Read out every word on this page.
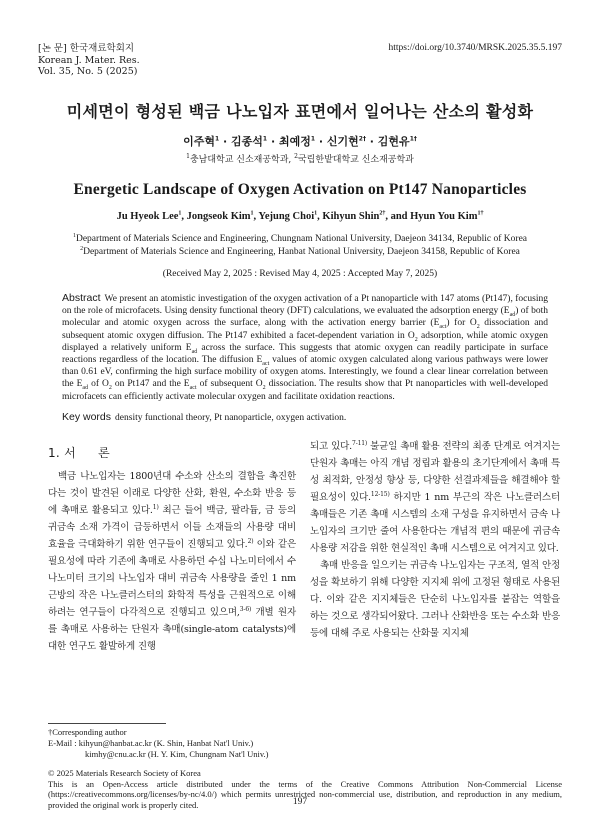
[논 문] 한국재료학회지
Korean J. Mater. Res.
Vol. 35, No. 5 (2025)
https://doi.org/10.3740/MRSK.2025.35.5.197
미세면이 형성된 백금 나노입자 표면에서 일어나는 산소의 활성화
이주혁$^1$ · 김종석$^1$ · 최예정$^1$ · 신기현$^{2\dagger}$ · 김현유$^{1\dagger}$
$^1$충남대학교 신소재공학과, $^2$국립한밭대학교 신소재공학과
Energetic Landscape of Oxygen Activation on Pt147 Nanoparticles
Ju Hyeok Lee$^1$, Jongseok Kim$^1$, Yejung Choi$^1$, Kihyun Shin$^{2\dagger}$, and Hyun You Kim$^{1\dagger}$
$^1$Department of Materials Science and Engineering, Chungnam National University, Daejeon 34134, Republic of Korea
$^2$Department of Materials Science and Engineering, Hanbat National University, Daejeon 34158, Republic of Korea
(Received May 2, 2025 : Revised May 4, 2025 : Accepted May 7, 2025)
Abstract We present an atomistic investigation of the oxygen activation of a Pt nanoparticle with 147 atoms (Pt147), focusing on the role of microfacets. Using density functional theory (DFT) calculations, we evaluated the adsorption energy $(E_{ad})$ of both molecular and atomic oxygen across the surface, along with the activation energy barrier $(E_{act})$ for $O_2$ dissociation and subsequent atomic oxygen diffusion. The Pt147 exhibited a facet-dependent variation in $O_2$ adsorption, while atomic oxygen displayed a relatively uniform $E_{ad}$ across the surface. This suggests that atomic oxygen can readily participate in surface reactions regardless of the location. The diffusion $E_{act}$ values of atomic oxygen calculated along various pathways were lower than 0.61 eV, confirming the high surface mobility of oxygen atoms. Interestingly, we found a clear linear correlation between the $E_{ad}$ of $O_2$ on Pt147 and the $E_{act}$ of subsequent $O_2$ dissociation. The results show that Pt nanoparticles with well-developed microfacets can efficiently activate molecular oxygen and facilitate oxidation reactions.
Key words density functional theory, Pt nanoparticle, oxygen activation.
1. 서 론
백금 나노입자는 1800년대 수소와 산소의 결합을 촉진한다는 것이 발견된 이래로 다양한 산화, 환원, 수소화 반응 등에 촉매로 활용되고 있다.$^{1)}$ 최근 들어 백금, 팔라듐, 금 등의 귀금속 소재 가격이 급등하면서 이들 소재들의 사용량 대비 효율을 극대화하기 위한 연구들이 진행되고 있다.$^{2)}$ 이와 같은 필요성에 따라 기존에 촉매로 사용하던 수십 나노미터에서 수 나노미터 크기의 나노입자 대비 귀금속 사용량을 줄인 1 nm 근방의 작은 나노클러스터의 화학적 특성을 근원적으로 이해하려는 연구들이 다각적으로 진행되고 있으며,$^{3-6)}$ 개별 원자를 촉매로 사용하는 단원자 촉매(single-atom catalysts)에 대한 연구도 활발하게 진행

되고 있다.$^{7-11)}$ 불균일 촉매 활용 전략의 최종 단계로 여겨지는 단원자 촉매는 아직 개념 정립과 활용의 초기단계에서 촉매 특성 최적화, 안정성 향상 등, 다양한 선결과제들을 해결해야 할 필요성이 있다.$^{12-15)}$ 하지만 1 nm 부근의 작은 나노클러스터 촉매들은 기존 촉매 시스템의 소재 구성을 유지하면서 금속 나노입자의 크기만 줄여 사용한다는 개념적 편의 때문에 귀금속 사용량 저감을 위한 현실적인 촉매 시스템으로 여겨지고 있다.

촉매 반응을 일으키는 귀금속 나노입자는 구조적, 열적 안정성을 확보하기 위해 다양한 지지체 위에 고정된 형태로 사용된다. 이와 같은 지지체들은 단순히 나노입자를 붙잡는 역할을 하는 것으로 생각되어왔다. 그러나 산화반응 또는 수소화 반응 등에 대해 주로 사용되는 산화물 지지체

†Corresponding author
E-Mail : kihyun@hanbat.ac.kr (K. Shin, Hanbat Nat'l Univ.)
kimhy@cnu.ac.kr (H. Y. Kim, Chungnam Nat'l Univ.)
© 2025 Materials Research Society of Korea
This is an Open-Access article distributed under the terms of the Creative Commons Attribution Non-Commercial License (https://creativecommons.org/licenses/by-nc/4.0/) which permits unrestricted non-commercial use, distribution, and reproduction in any medium, provided the original work is properly cited.	197
